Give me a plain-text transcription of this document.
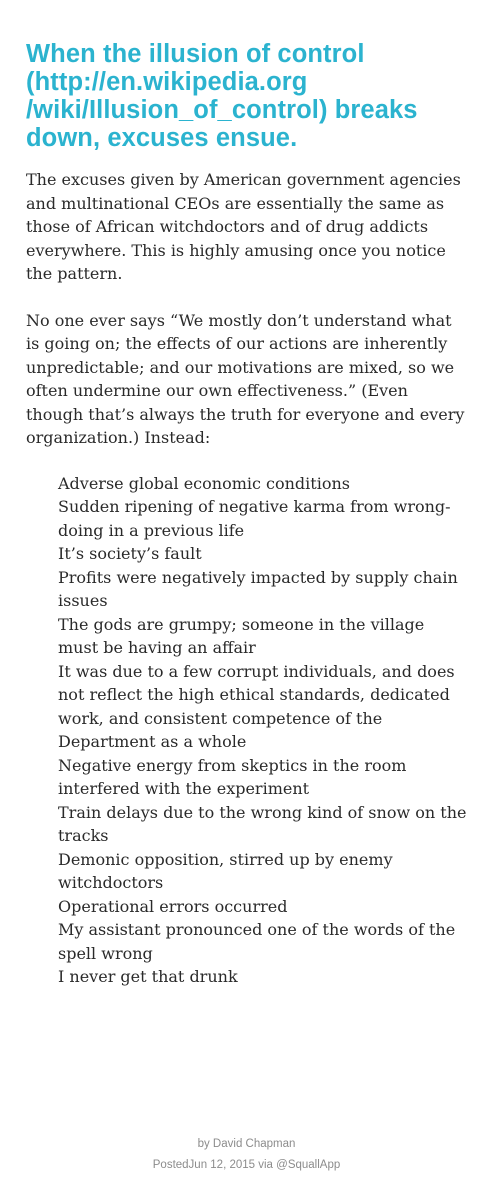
When the illusion of control (http://en.wikipedia.org /wiki/Illusion_of_control) breaks down, excuses ensue.

The excuses given by American government agencies and multinational CEOs are essentially the same as those of African witchdoctors and of drug addicts everywhere. This is highly amusing once you notice the pattern.

No one ever says “We mostly don’t understand what is going on; the effects of our actions are inherently unpredictable; and our motivations are mixed, so we often undermine our own effectiveness.” (Even though that’s always the truth for everyone and every organization.) Instead:

Adverse global economic conditions
Sudden ripening of negative karma from wrong-doing in a previous life
It’s society’s fault
Profits were negatively impacted by supply chain issues
The gods are grumpy; someone in the village must be having an affair
It was due to a few corrupt individuals, and does not reflect the high ethical standards, dedicated work, and consistent competence of the Department as a whole
Negative energy from skeptics in the room interfered with the experiment
Train delays due to the wrong kind of snow on the tracks
Demonic opposition, stirred up by enemy witchdoctors
Operational errors occurred
My assistant pronounced one of the words of the spell wrong
I never get that drunk
by David Chapman
PostedJun 12, 2015 via @SquallApp
